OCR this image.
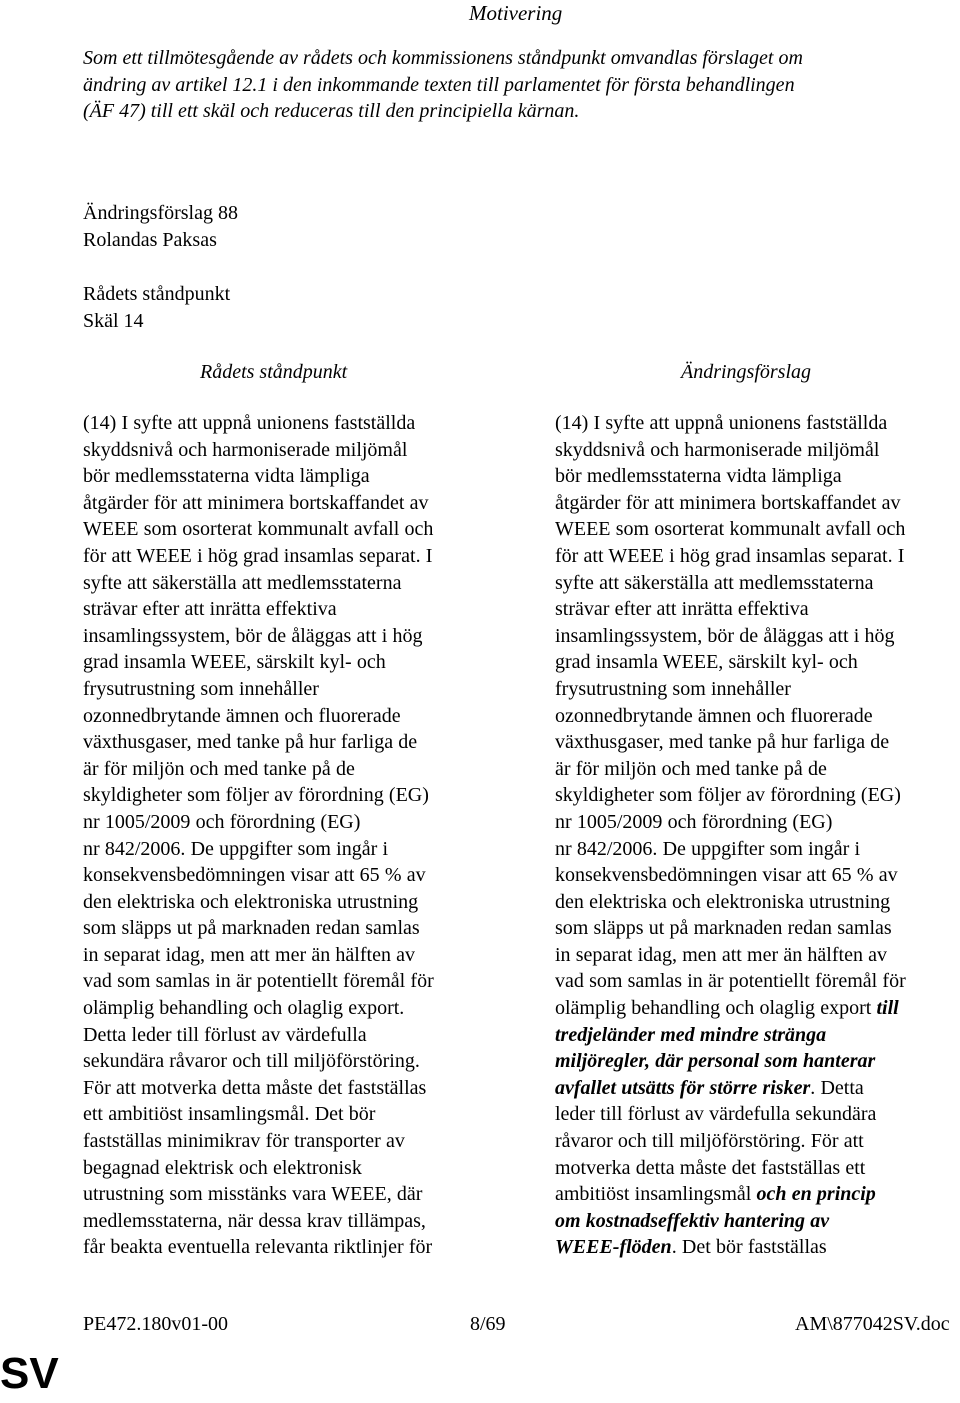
Motivering
Som ett tillmötesgående av rådets och kommissionens ståndpunkt omvandlas förslaget om
ändring av artikel 12.1 i den inkommande texten till parlamentet för första behandlingen
(ÄF 47) till ett skäl och reduceras till den principiella kärnan.
Ändringsförslag 88
Rolandas Paksas
Rådets ståndpunkt
Skäl 14
Rådets ståndpunkt	Ändringsförslag
(14) I syfte att uppnå unionens fastställda
skyddsnivå och harmoniserade miljömål
bör medlemsstaterna vidta lämpliga
åtgärder för att minimera bortskaffandet av
WEEE som osorterat kommunalt avfall och
för att WEEE i hög grad insamlas separat. I
syfte att säkerställa att medlemsstaterna
strävar efter att inrätta effektiva
insamlingssystem, bör de åläggas att i hög
grad insamla WEEE, särskilt kyl- och
frysutrustning som innehåller
ozonnedbrytande ämnen och fluorerade
växthusgaser, med tanke på hur farliga de
är för miljön och med tanke på de
skyldigheter som följer av förordning (EG)
nr 1005/2009 och förordning (EG)
nr 842/2006. De uppgifter som ingår i
konsekvensbedömningen visar att 65 % av
den elektriska och elektroniska utrustning
som släpps ut på marknaden redan samlas
in separat idag, men att mer än hälften av
vad som samlas in är potentiellt föremål för
olämplig behandling och olaglig export.
Detta leder till förlust av värdefulla
sekundära råvaror och till miljöförstöring.
För att motverka detta måste det fastställas
ett ambitiöst insamlingsmål. Det bör
fastställas minimikrav för transporter av
begagnad elektrisk och elektronisk
utrustning som misstänks vara WEEE, där
medlemsstaterna, när dessa krav tillämpas,
får beakta eventuella relevanta riktlinjer för
(14) I syfte att uppnå unionens fastställda
skyddsnivå och harmoniserade miljömål
bör medlemsstaterna vidta lämpliga
åtgärder för att minimera bortskaffandet av
WEEE som osorterat kommunalt avfall och
för att WEEE i hög grad insamlas separat. I
syfte att säkerställa att medlemsstaterna
strävar efter att inrätta effektiva
insamlingssystem, bör de åläggas att i hög
grad insamla WEEE, särskilt kyl- och
frysutrustning som innehåller
ozonnedbrytande ämnen och fluorerade
växthusgaser, med tanke på hur farliga de
är för miljön och med tanke på de
skyldigheter som följer av förordning (EG)
nr 1005/2009 och förordning (EG)
nr 842/2006. De uppgifter som ingår i
konsekvensbedömningen visar att 65 % av
den elektriska och elektroniska utrustning
som släpps ut på marknaden redan samlas
in separat idag, men att mer än hälften av
vad som samlas in är potentiellt föremål för
olämplig behandling och olaglig export till
tredjeländer med mindre stränga
miljöregler, där personal som hanterar
avfallet utsätts för större risker. Detta
leder till förlust av värdefulla sekundära
råvaror och till miljöförstöring. För att
motverka detta måste det fastställas ett
ambitiöst insamlingsmål och en princip
om kostnadseffektiv hantering av
WEEE-flöden. Det bör fastställas
PE472.180v01-00	8/69	AM\877042SV.doc
SV
